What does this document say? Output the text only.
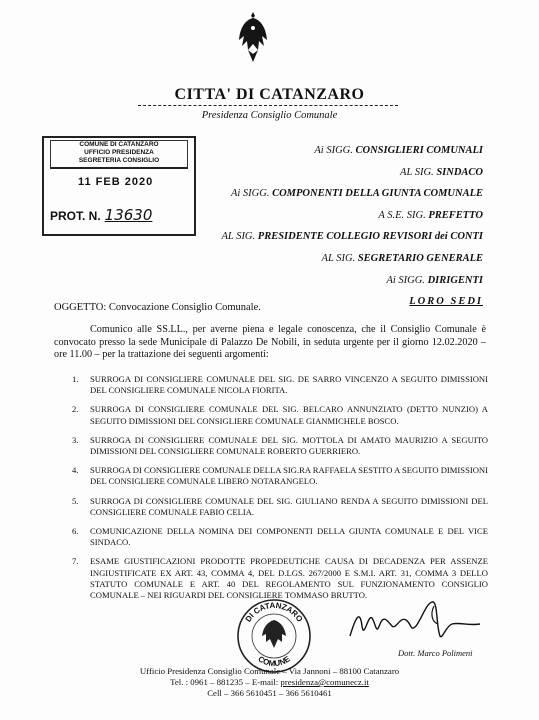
CITTA' DI CATANZARO
Presidenza Consiglio Comunale
COMUNE DI CATANZARO
UFFICIO PRESIDENZA
SEGRETERIA CONSIGLIO
11 FEB 2020
PROT. N. 13630
Ai SIGG. CONSIGLIERI COMUNALI
AL SIG. SINDACO
Ai SIGG. COMPONENTI DELLA GIUNTA COMUNALE
A S.E. SIG. PREFETTO
AL SIG. PRESIDENTE COLLEGIO REVISORI dei CONTI
AL SIG. SEGRETARIO GENERALE
Ai SIGG. DIRIGENTI
LORO SEDI
OGGETTO: Convocazione Consiglio Comunale.
Comunico alle SS.LL., per averne piena e legale conoscenza, che il Consiglio Comunale è convocato presso la sede Municipale di Palazzo De Nobili, in seduta urgente per il giorno 12.02.2020 – ore 11.00 – per la trattazione dei seguenti argomenti:
1. SURROGA DI CONSIGLIERE COMUNALE DEL SIG. DE SARRO VINCENZO A SEGUITO DIMISSIONI DEL CONSIGLIERE COMUNALE NICOLA FIORITA.
2. SURROGA DI CONSIGLIERE COMUNALE DEL SIG. BELCARO ANNUNZIATO (DETTO NUNZIO) A SEGUITO DIMISSIONI DEL CONSIGLIERE COMUNALE GIANMICHELE BOSCO.
3. SURROGA DI CONSIGLIERE COMUNALE DEL SIG. MOTTOLA DI AMATO MAURIZIO A SEGUITO DIMISSIONI DEL CONSIGLIERE COMUNALE ROBERTO GUERRIERO.
4. SURROGA DI CONSIGLIERE COMUNALE DELLA SIG.RA RAFFAELA SESTITO A SEGUITO DIMISSIONI DEL CONSIGLIERE COMUNALE LIBERO NOTARANGELO.
5. SURROGA DI CONSIGLIERE COMUNALE DEL SIG. GIULIANO RENDA A SEGUITO DIMISSIONI DEL CONSIGLIERE COMUNALE FABIO CELIA.
6. COMUNICAZIONE DELLA NOMINA DEI COMPONENTI DELLA GIUNTA COMUNALE E DEL VICE SINDACO.
7. ESAME GIUSTIFICAZIONI PRODOTTE PROPEDEUTICHE CAUSA DI DECADENZA PER ASSENZE INGIUSTIFICATE EX ART. 43, COMMA 4, DEL D.LGS. 267/2000 E S.M.I. ART. 31, COMMA 3 DELLO STATUTO COMUNALE E ART. 40 DEL REGOLAMENTO SUL FUNZIONAMENTO CONSIGLIO COMUNALE – NEI RIGUARDI DEL CONSIGLIERE TOMMASO BRUTTO.
DI CATANZARO
COMUNE
Dott. Marco Polimeni
Ufficio Presidenza Consiglio Comunale – Via Jannoni – 88100 Catanzaro
Tel. : 0961 – 881235 – E-mail: presidenza@comunecz.it
Cell – 366 5610451 – 366 5610461
